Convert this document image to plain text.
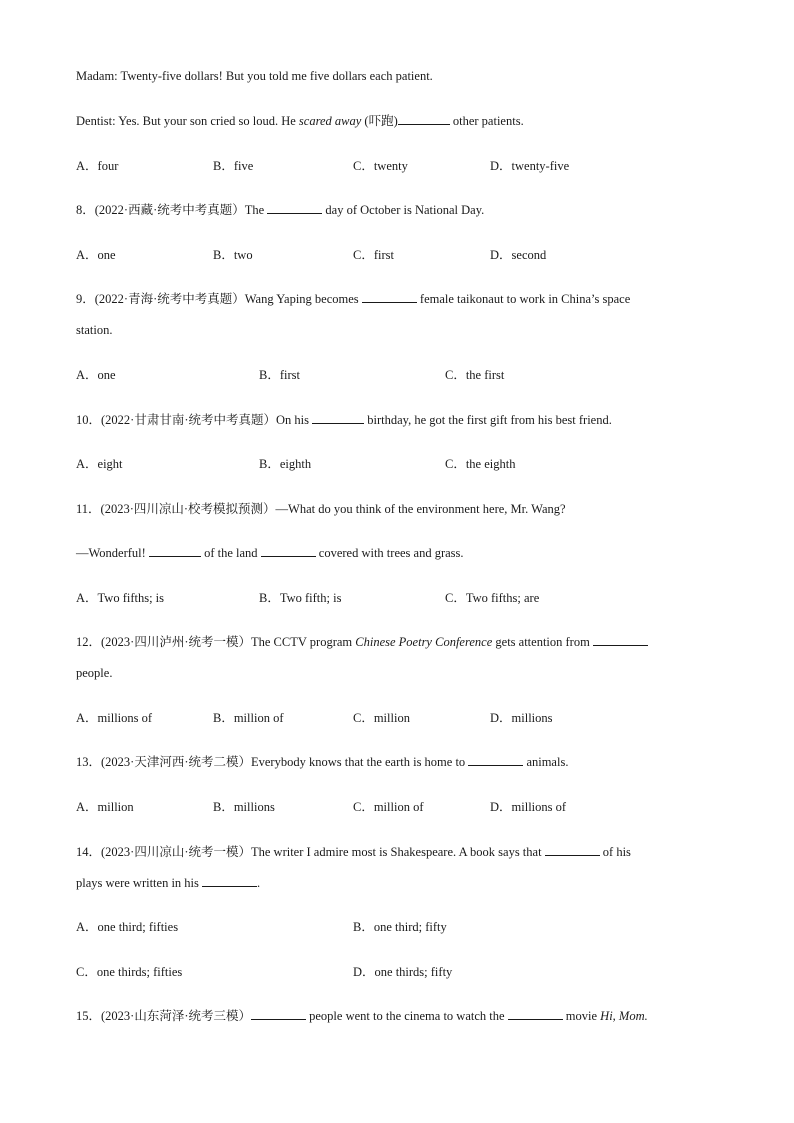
Madam: Twenty-five dollars! But you told me five dollars each patient.
Dentist: Yes. But your son cried so loud. He scared away (吓跑)	other patients.
A．four	B．five	C．twenty	D．twenty-five
8．(2022·西藏·统考中考真题）The	day of October is National Day.
A．one	B．two	C．first	D．second
9．(2022·青海·统考中考真题）Wang Yaping becomes	female taikonaut to work in China’s space
station.
A．one	B．first	C．the first
10．(2022·甘肃甘南·统考中考真题）On his	birthday, he got the first gift from his best friend.
A．eight	B．eighth	C．the eighth
11．(2023·四川凉山·校考模拟预测）—What do you think of the environment here, Mr. Wang?
—Wonderful!	of the land	covered with trees and grass.
A．Two fifths; is	B．Two fifth; is	C．Two fifths; are
12．(2023·四川泸州·统考一模）The CCTV program Chinese Poetry Conference gets attention from
people.
A．millions of	B．million of	C．million	D．millions
13．(2023·天津河西·统考二模）Everybody knows that the earth is home to	animals.
A．million	B．millions	C．million of	D．millions of
14．(2023·四川凉山·统考一模）The writer I admire most is Shakespeare. A book says that	of his
plays were written in his	.
A．one third; fifties	B．one third; fifty
C．one thirds; fifties	D．one thirds; fifty
15．(2023·山东菏泽·统考三模）	people went to the cinema to watch the	movie Hi, Mom.
